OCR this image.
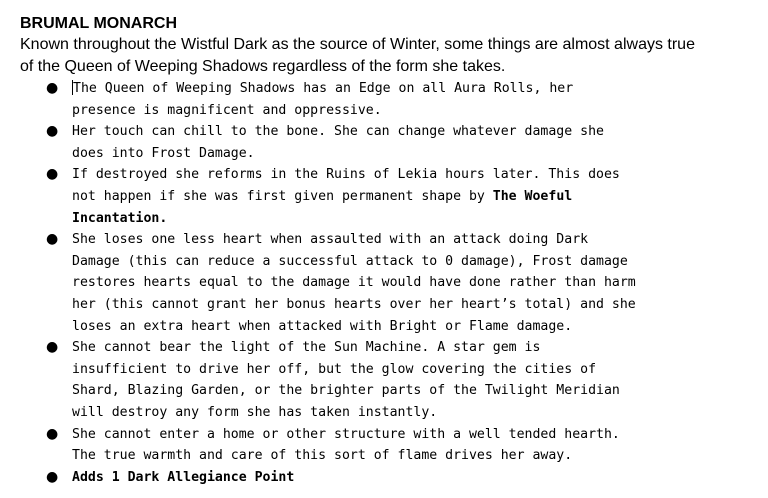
BRUMAL MONARCH

Known throughout the Wistful Dark as the source of Winter, some things are almost always true
of the Queen of Weeping Shadows regardless of the form she takes.

● The Queen of Weeping Shadows has an Edge on all Aura Rolls, her
presence is magnificent and oppressive.
● Her touch can chill to the bone. She can change whatever damage she
does into Frost Damage.
● If destroyed she reforms in the Ruins of Lekia hours later. This does
not happen if she was first given permanent shape by The Woeful
Incantation.
● She loses one less heart when assaulted with an attack doing Dark
Damage (this can reduce a successful attack to 0 damage), Frost damage
restores hearts equal to the damage it would have done rather than harm
her (this cannot grant her bonus hearts over her heart’s total) and she
loses an extra heart when attacked with Bright or Flame damage.
● She cannot bear the light of the Sun Machine. A star gem is
insufficient to drive her off, but the glow covering the cities of
Shard, Blazing Garden, or the brighter parts of the Twilight Meridian
will destroy any form she has taken instantly.
● She cannot enter a home or other structure with a well tended hearth.
The true warmth and care of this sort of flame drives her away.
● Adds 1 Dark Allegiance Point
